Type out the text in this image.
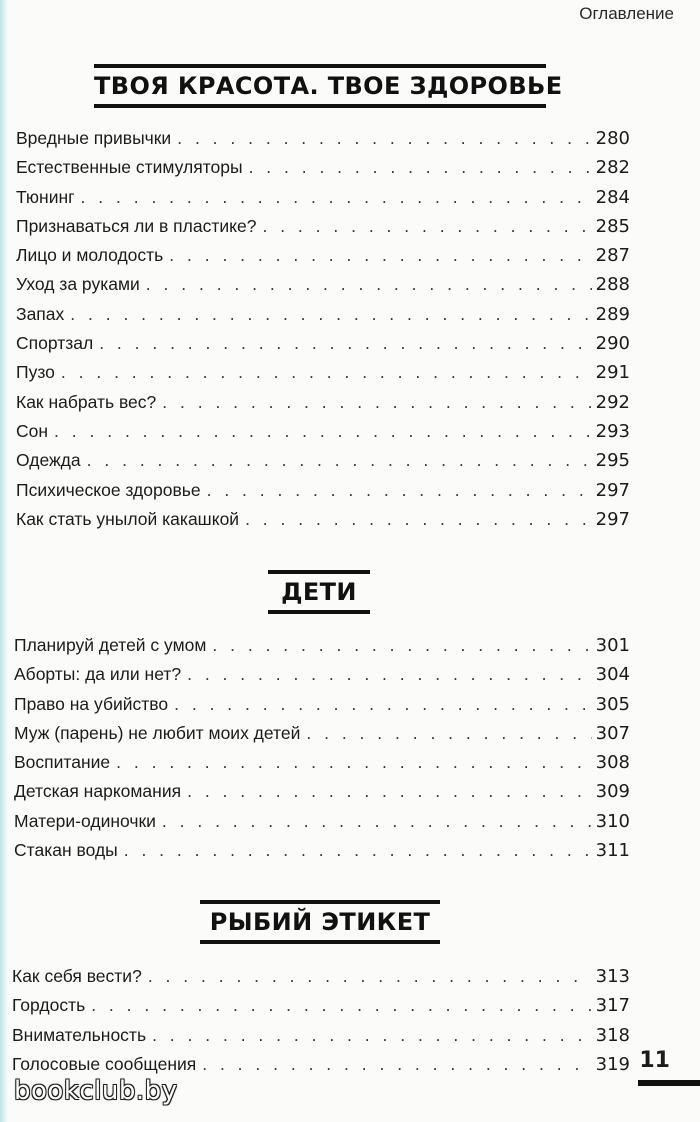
Оглавление
ТВОЯ КРАСОТА. ТВОЕ ЗДОРОВЬЕ
Вредные привычки . . .	280
Естественные стимуляторы . . .	282
Тюнинг . . .	284
Признаваться ли в пластике? . . .	285
Лицо и молодость . . .	287
Уход за руками . . .	288
Запах . . .	289
Спортзал . . .	290
Пузо . . .	291
Как набрать вес? . . .	292
Сон . . .	293
Одежда . . .	295
Психическое здоровье . . .	297
Как стать унылой какашкой . . .	297
ДЕТИ
Планируй детей с умом . . .	301
Аборты: да или нет? . . .	304
Право на убийство . . .	305
Муж (парень) не любит моих детей . . .	307
Воспитание . . .	308
Детская наркомания . . .	309
Матери-одиночки . . .	310
Стакан воды . . .	311
РЫБИЙ ЭТИКЕТ
Как себя вести? . . .	313
Гордость . . .	317
Внимательность . . .	318
Голосовые сообщения . . .	319 11
bookclub.by
